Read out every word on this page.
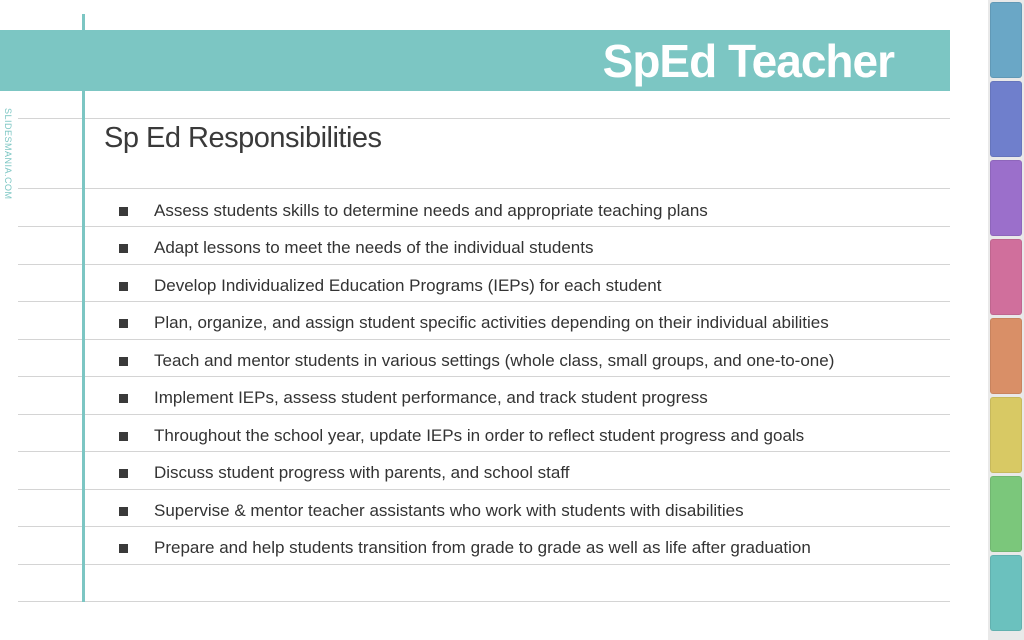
SpEd Teacher
SLIDESMANIA.COM	Sp Ed Responsibilities
Assess students skills to determine needs and appropriate teaching plans
Adapt lessons to meet the needs of the individual students
Develop Individualized Education Programs (IEPs) for each student
Plan, organize, and assign student specific activities depending on their individual abilities
Teach and mentor students in various settings (whole class, small groups, and one-to-one)
Implement IEPs, assess student performance, and track student progress
Throughout the school year, update IEPs in order to reflect student progress and goals
Discuss student progress with parents, and school staff
Supervise & mentor teacher assistants who work with students with disabilities
Prepare and help students transition from grade to grade as well as life after graduation
